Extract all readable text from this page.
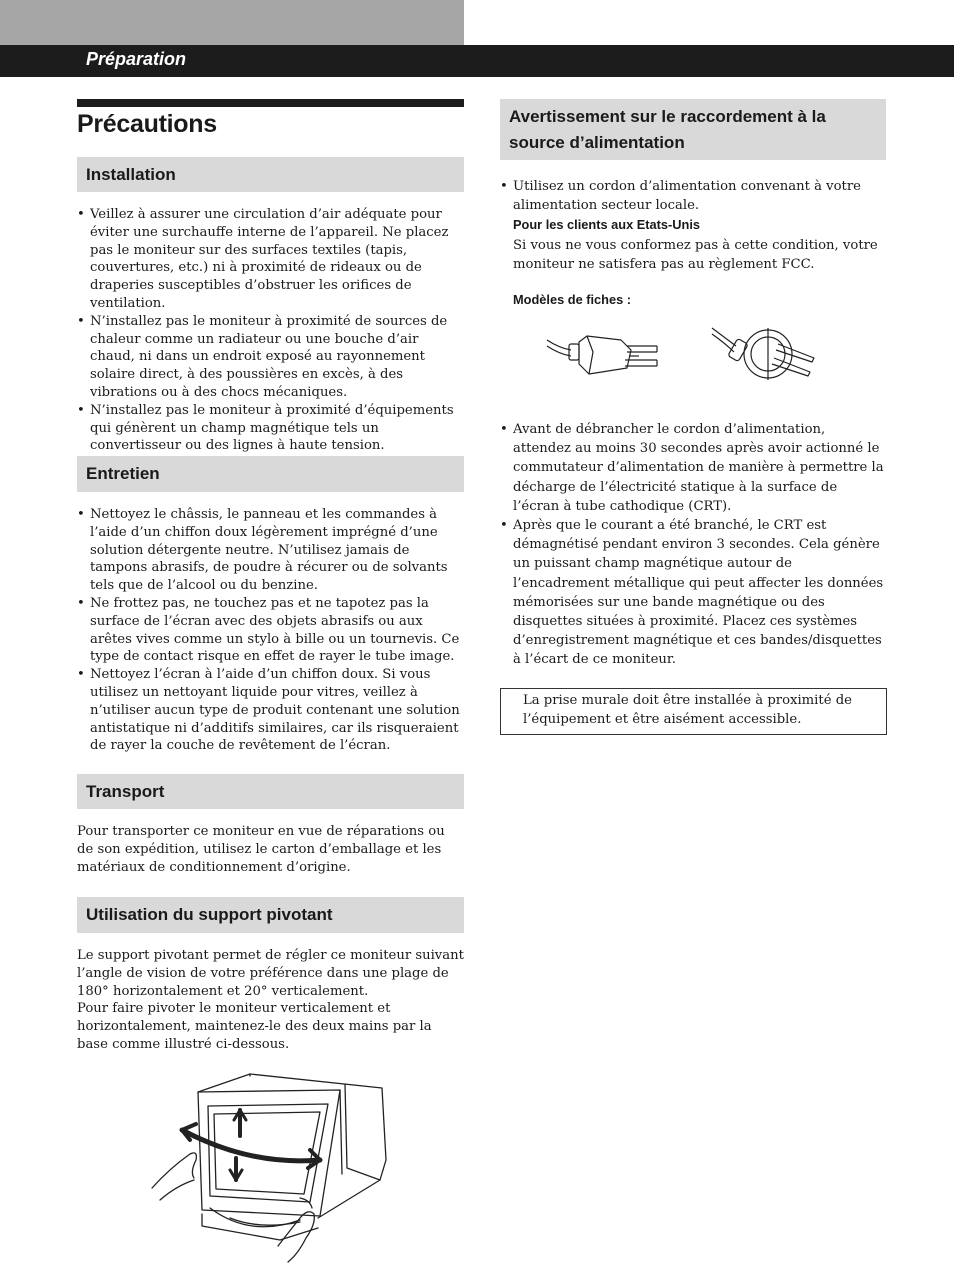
Préparation
Précautions
Installation
• Veillez à assurer une circulation d’air adéquate pour éviter une surchauffe interne de l’appareil. Ne placez pas le moniteur sur des surfaces textiles (tapis, couvertures, etc.) ni à proximité de rideaux ou de draperies susceptibles d’obstruer les orifices de ventilation.
• N’installez pas le moniteur à proximité de sources de chaleur comme un radiateur ou une bouche d’air chaud, ni dans un endroit exposé au rayonnement solaire direct, à des poussières en excès, à des vibrations ou à des chocs mécaniques.
• N’installez pas le moniteur à proximité d’équipements qui génèrent un champ magnétique tels un convertisseur ou des lignes à haute tension.
Entretien
• Nettoyez le châssis, le panneau et les commandes à l’aide d’un chiffon doux légèrement imprégné d’une solution détergente neutre. N’utilisez jamais de tampons abrasifs, de poudre à récurer ou de solvants tels que de l’alcool ou du benzine.
• Ne frottez pas, ne touchez pas et ne tapotez pas la surface de l’écran avec des objets abrasifs ou aux arêtes vives comme un stylo à bille ou un tournevis. Ce type de contact risque en effet de rayer le tube image.
• Nettoyez l’écran à l’aide d’un chiffon doux. Si vous utilisez un nettoyant liquide pour vitres, veillez à n’utiliser aucun type de produit contenant une solution antistatique ni d’additifs similaires, car ils risqueraient de rayer la couche de revêtement de l’écran.
Transport

Pour transporter ce moniteur en vue de réparations ou de son expédition, utilisez le carton d’emballage et les matériaux de conditionnement d’origine.

Utilisation du support pivotant

Le support pivotant permet de régler ce moniteur suivant l’angle de vision de votre préférence dans une plage de 180° horizontalement et 20° verticalement.

Pour faire pivoter le moniteur verticalement et horizontalement, maintenez-le des deux mains par la base comme illustré ci-dessous.

Avertissement sur le raccordement à la source d’alimentation
• Utilisez un cordon d’alimentation convenant à votre alimentation secteur locale.
Pour les clients aux Etats-Unis
Si vous ne vous conformez pas à cette condition, votre moniteur ne satisfera pas au règlement FCC.
Modèles de fiches :
• Avant de débrancher le cordon d’alimentation, attendez au moins 30 secondes après avoir actionné le commutateur d’alimentation de manière à permettre la décharge de l’électricité statique à la surface de l’écran à tube cathodique (CRT).
• Après que le courant a été branché, le CRT est démagnétisé pendant environ 3 secondes. Cela génère un puissant champ magnétique autour de l’encadrement métallique qui peut affecter les données mémorisées sur une bande magnétique ou des disquettes situées à proximité. Placez ces systèmes d’enregistrement magnétique et ces bandes/disquettes à l’écart de ce moniteur.
La prise murale doit être installée à proximité de l’équipement et être aisément accessible.
